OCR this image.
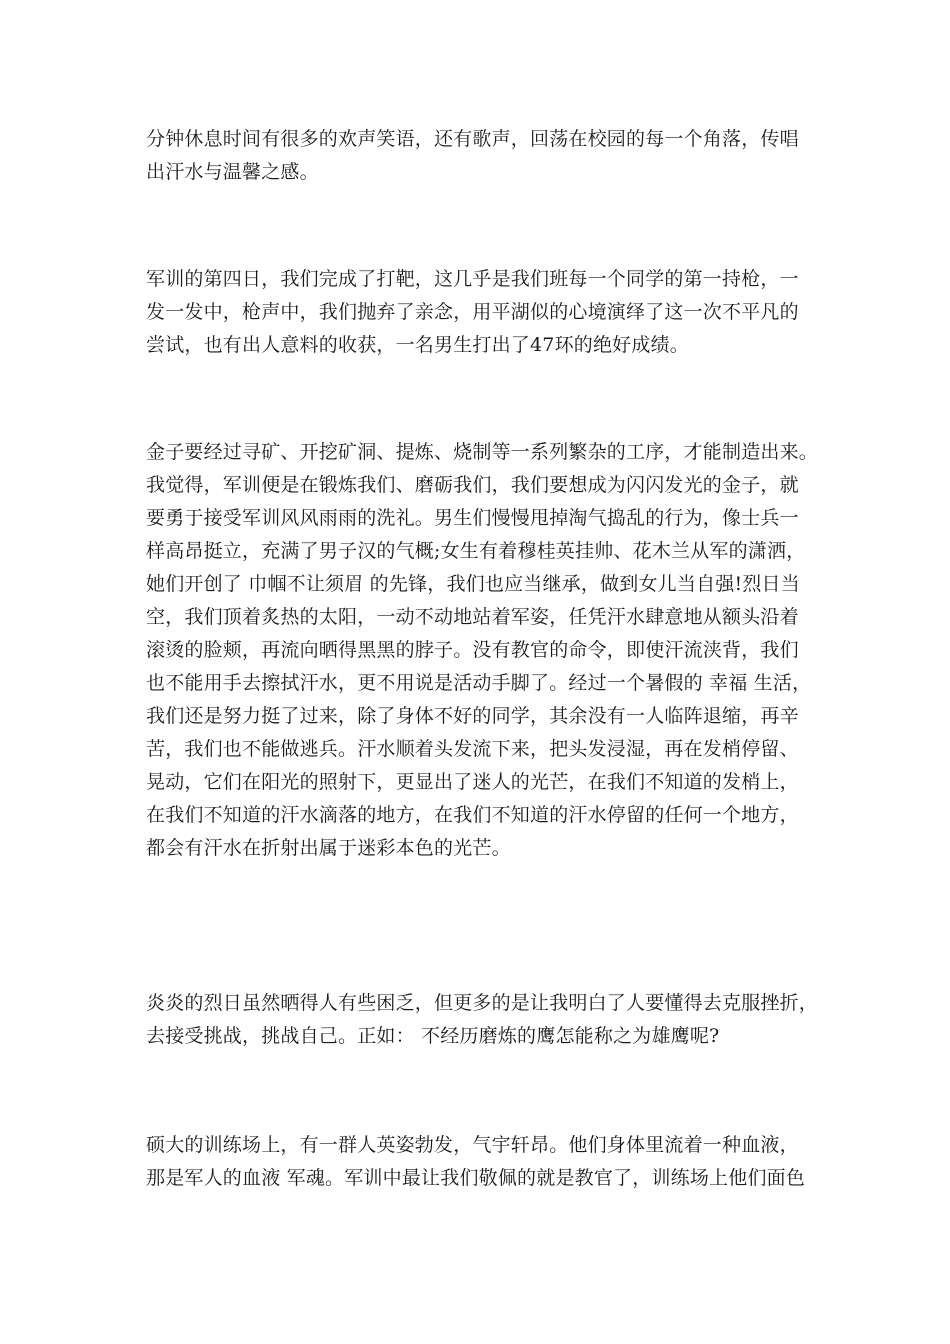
分钟休息时间有很多的欢声笑语，还有歌声，回荡在校园的每一个角落，传唱
出汗水与温馨之感。
军训的第四日，我们完成了打靶，这几乎是我们班每一个同学的第一持枪，一
发一发中，枪声中，我们抛弃了亲念，用平湖似的心境演绎了这一次不平凡的
尝试，也有出人意料的收获，一名男生打出了47环的绝好成绩。
金子要经过寻矿、开挖矿洞、提炼、烧制等一系列繁杂的工序，才能制造出来。
我觉得，军训便是在锻炼我们、磨砺我们，我们要想成为闪闪发光的金子，就
要勇于接受军训风风雨雨的洗礼。男生们慢慢甩掉淘气捣乱的行为，像士兵一
样高昂挺立，充满了男子汉的气概;女生有着穆桂英挂帅、花木兰从军的潇洒，
她们开创了 巾帼不让须眉 的先锋，我们也应当继承，做到女儿当自强!烈日当
空，我们顶着炙热的太阳，一动不动地站着军姿，任凭汗水肆意地从额头沿着
滚烫的脸颊，再流向晒得黑黑的脖子。没有教官的命令，即使汗流浃背，我们
也不能用手去擦拭汗水，更不用说是活动手脚了。经过一个暑假的 幸福 生活，
我们还是努力挺了过来，除了身体不好的同学，其余没有一人临阵退缩，再辛
苦，我们也不能做逃兵。汗水顺着头发流下来，把头发浸湿，再在发梢停留、
晃动，它们在阳光的照射下，更显出了迷人的光芒，在我们不知道的发梢上，
在我们不知道的汗水滴落的地方，在我们不知道的汗水停留的任何一个地方，
都会有汗水在折射出属于迷彩本色的光芒。
炎炎的烈日虽然晒得人有些困乏，但更多的是让我明白了人要懂得去克服挫折，
去接受挑战，挑战自己。正如： 不经历磨炼的鹰怎能称之为雄鹰呢?
硕大的训练场上，有一群人英姿勃发，气宇轩昂。他们身体里流着一种血液，
那是军人的血液 军魂。军训中最让我们敬佩的就是教官了，训练场上他们面色
